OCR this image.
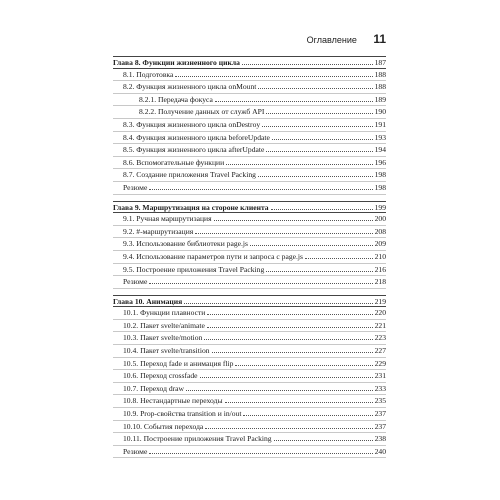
Оглавление 11
Глава 8. Функции жизненного цикла	187
8.1. Подготовка	188
8.2. Функция жизненного цикла onMount	188
8.2.1. Передача фокуса	189
8.2.2. Получение данных от служб API	190
8.3. Функция жизненного цикла onDestroy	191
8.4. Функция жизненного цикла beforeUpdate	193
8.5. Функция жизненного цикла afterUpdate	194
8.6. Вспомогательные функции	196
8.7. Создание приложения Travel Packing	198
Резюме	198
Глава 9. Маршрутизация на стороне клиента	199
9.1. Ручная маршрутизация	200
9.2. #-маршрутизация	208
9.3. Использование библиотеки page.js	209
9.4. Использование параметров пути и запроса с page.js	210
9.5. Построение приложения Travel Packing	216
Резюме	218
Глава 10. Анимация	219
10.1. Функции плавности	220
10.2. Пакет svelte/animate	221
10.3. Пакет svelte/motion	223
10.4. Пакет svelte/transition	227
10.5. Переход fade и анимация flip	229
10.6. Переход crossfade	231
10.7. Переход draw	233
10.8. Нестандартные переходы	235
10.9. Prop-свойства transition и in/out	237
10.10. События перехода	237
10.11. Построение приложения Travel Packing	238
Резюме	240
